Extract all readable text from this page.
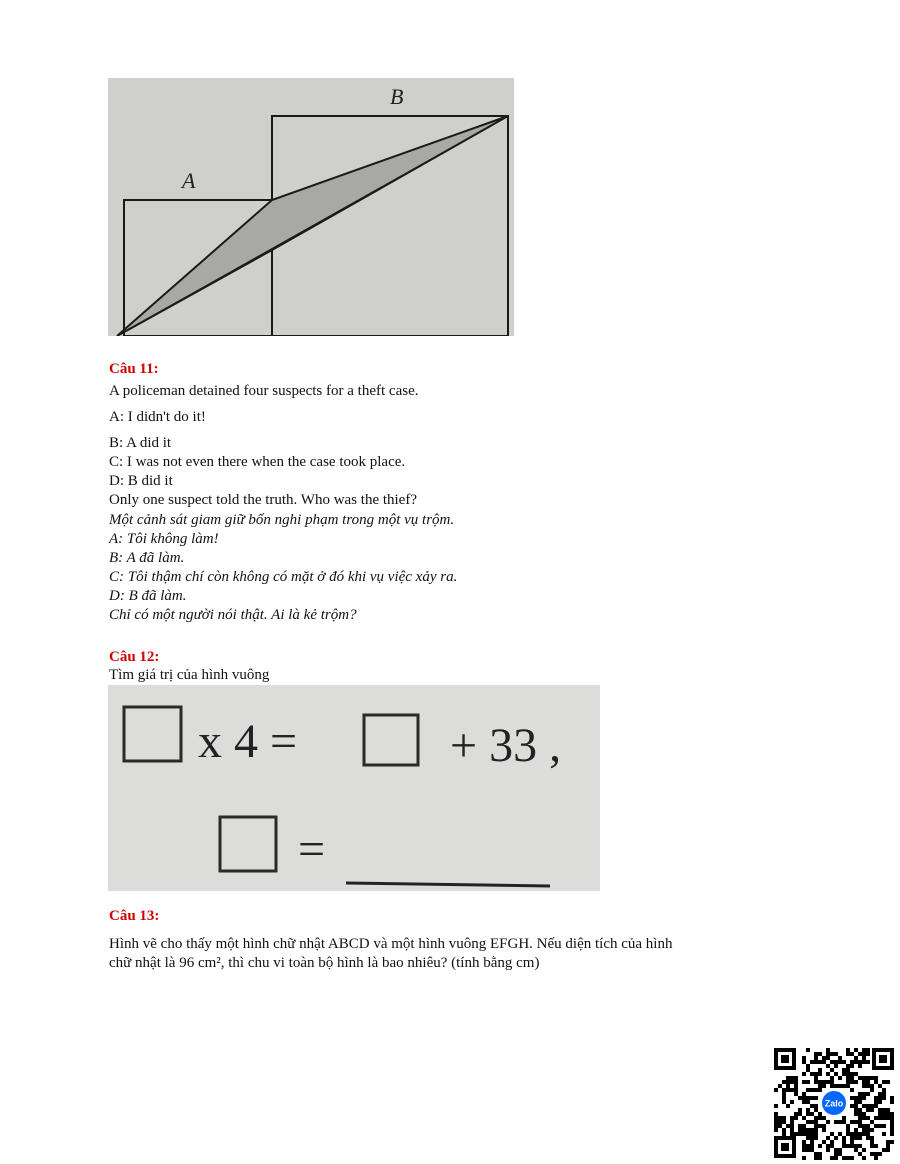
A
B
Câu 11:
A policeman detained four suspects for a theft case.
A: I didn't do it!
B: A did it
C: I was not even there when the case took place.
D: B did it
Only one suspect told the truth. Who was the thief?
Một cảnh sát giam giữ bốn nghi phạm trong một vụ trộm.
A: Tôi không làm!
B: A đã làm.
C: Tôi thậm chí còn không có mặt ở đó khi vụ việc xảy ra.
D: B đã làm.
Chỉ có một người nói thật. Ai là kẻ trộm?
Câu 12:
Tìm giá trị của hình vuông
x 4 =	+ 33 ,
=
Câu 13:
Hình vẽ cho thấy một hình chữ nhật ABCD và một hình vuông EFGH. Nếu diện tích của hình
chữ nhật là 96 cm², thì chu vi toàn bộ hình là bao nhiêu? (tính bằng cm)
Zalo
